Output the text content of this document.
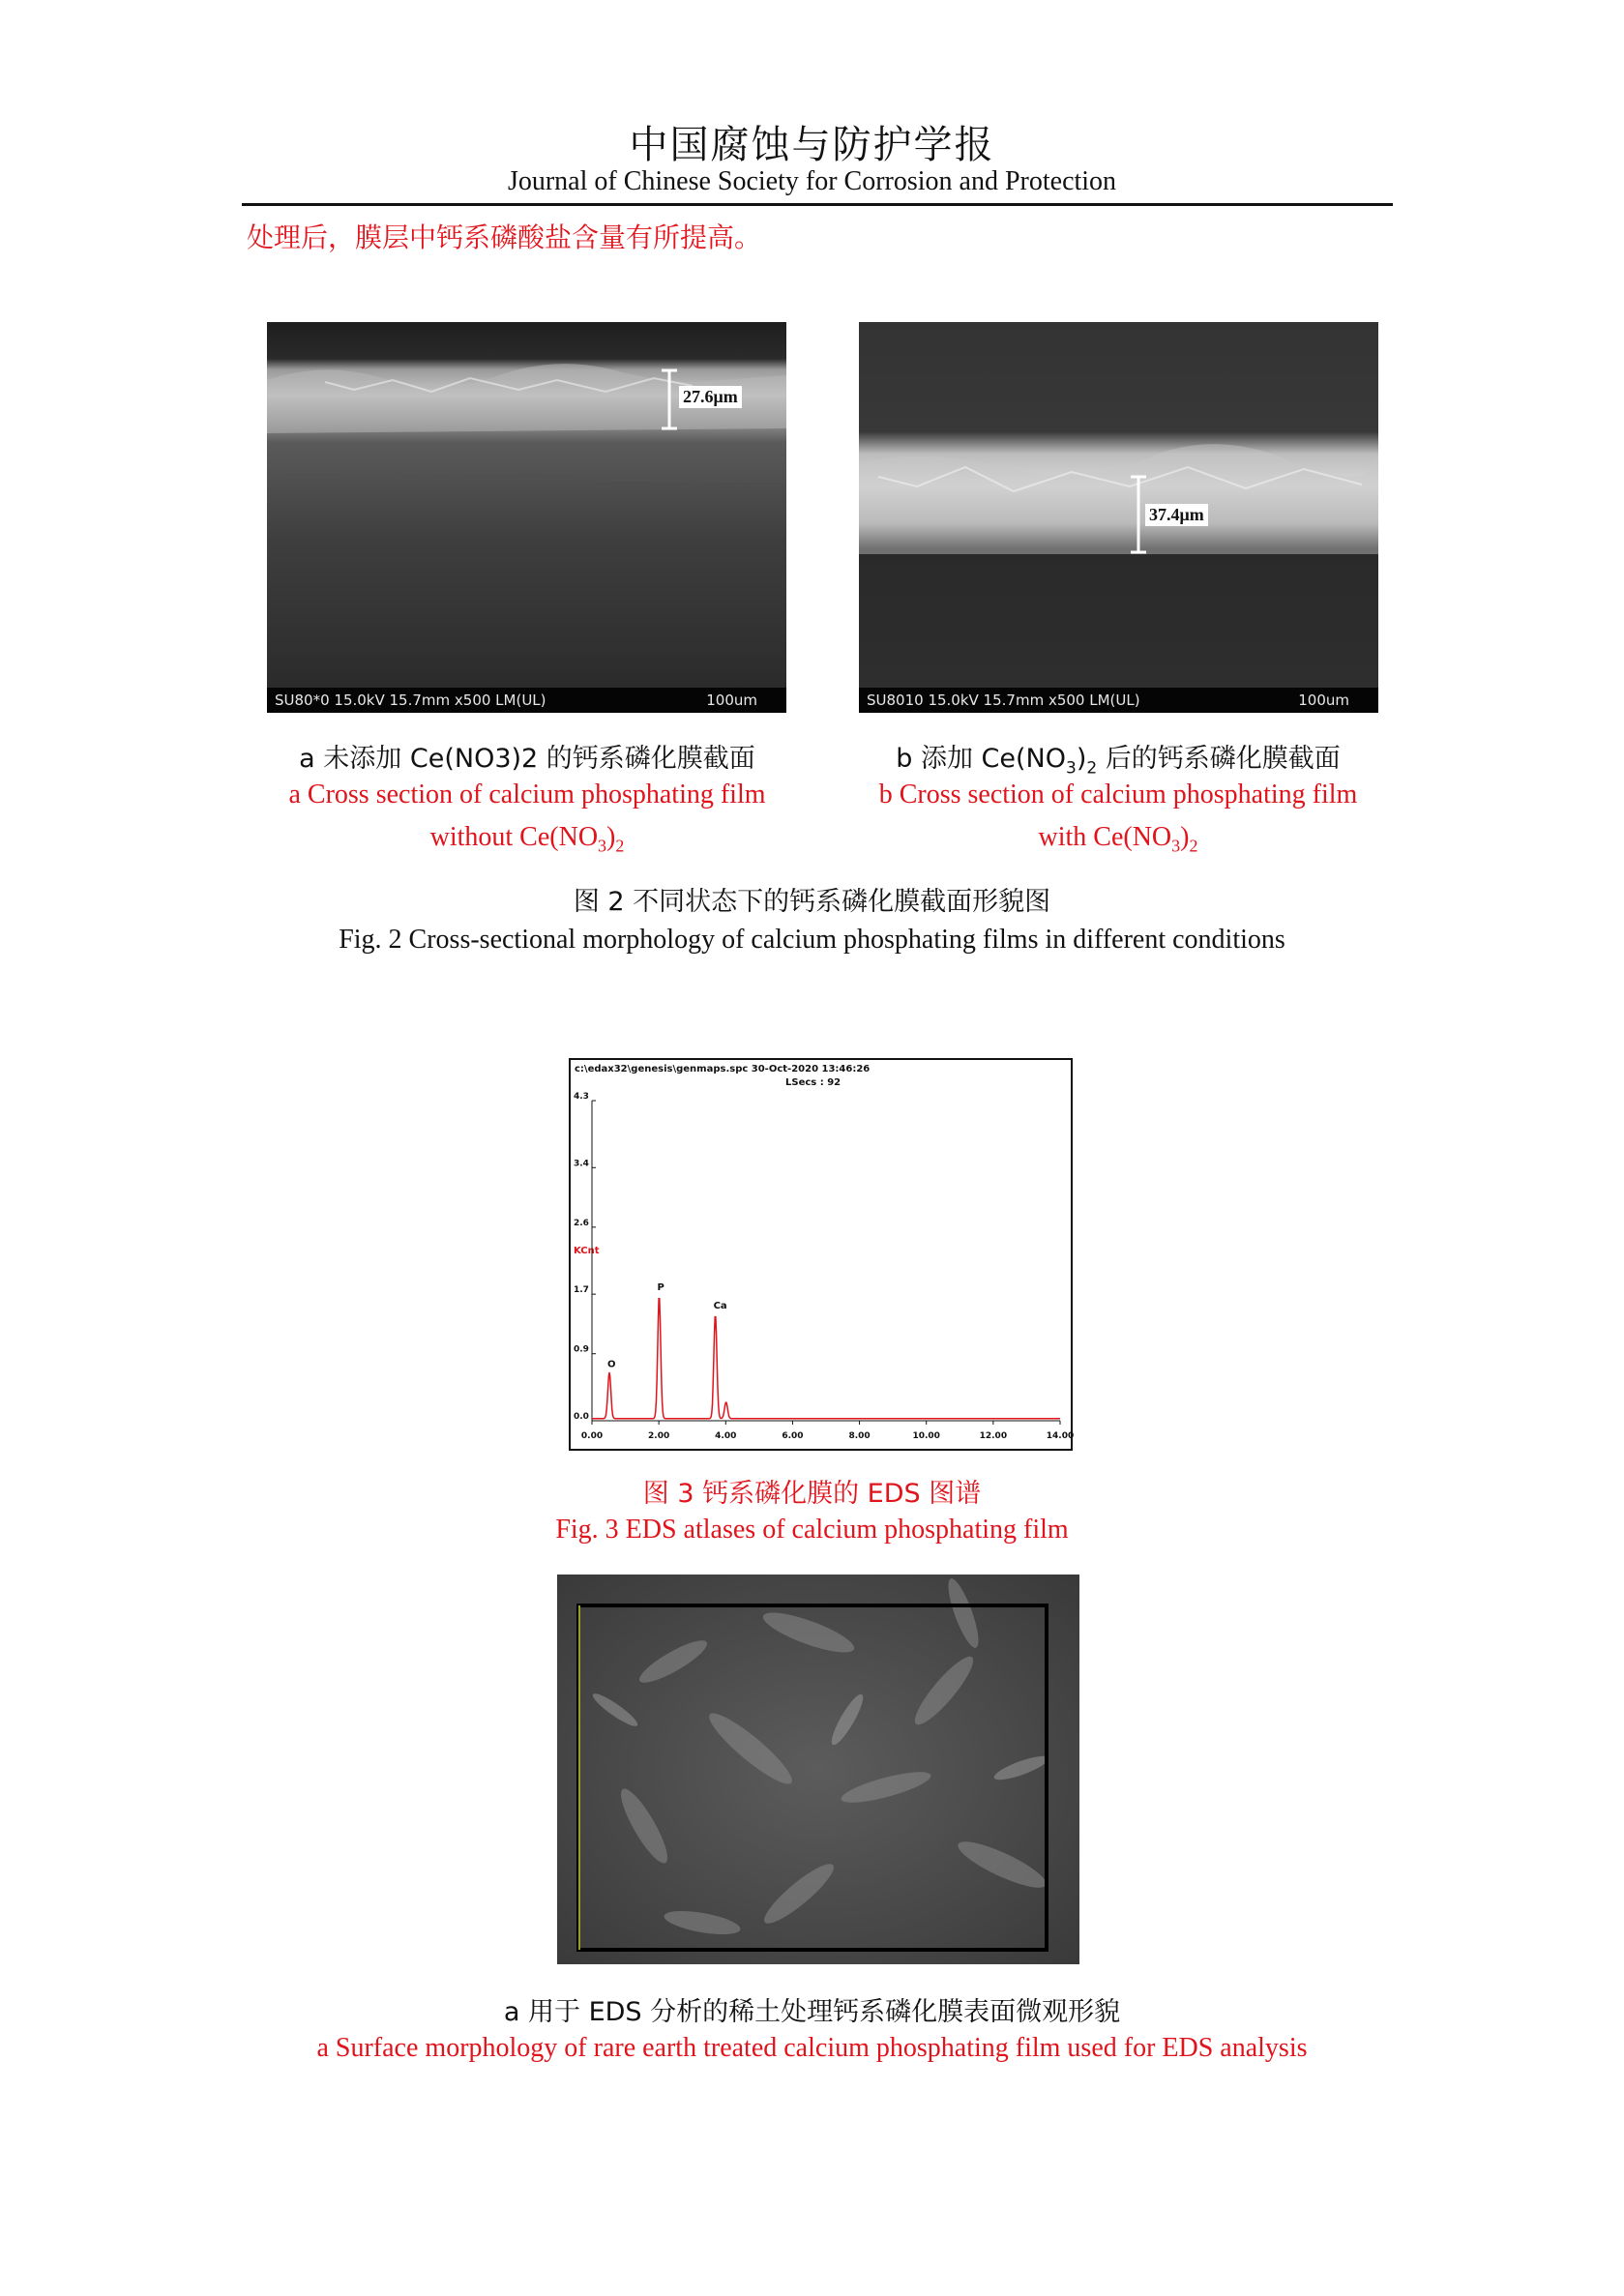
中国腐蚀与防护学报
Journal of Chinese Society for Corrosion and Protection
处理后，膜层中钙系磷酸盐含量有所提高。
27.6μm
SU80*0 15.0kV 15.7mm x500 LM(UL)	100um
37.4μm
SU8010 15.0kV 15.7mm x500 LM(UL)	100um
a 未添加 Ce(NO3)2 的钙系磷化膜截面
a Cross section of calcium phosphating film
without $Ce(NO_3)_2$
b 添加 $Ce(NO_3)_2$ 后的钙系磷化膜截面
b Cross section of calcium phosphating film
with $Ce(NO_3)_2$
图 2 不同状态下的钙系磷化膜截面形貌图
Fig. 2 Cross-sectional morphology of calcium phosphating films in different conditions
c:\edax32\genesis\genmaps.spc 30-Oct-2020 13:46:26
LSecs : 92
KCnt
0.0
0.9
1.7
2.6
3.4
4.3
0.00	2.00	4.00	6.00	8.00	10.00	12.00	14.00
O
P
Ca
图 3 钙系磷化膜的 EDS 图谱
Fig. 3 EDS atlases of calcium phosphating film
a 用于 EDS 分析的稀土处理钙系磷化膜表面微观形貌
a Surface morphology of rare earth treated calcium phosphating film used for EDS analysis
